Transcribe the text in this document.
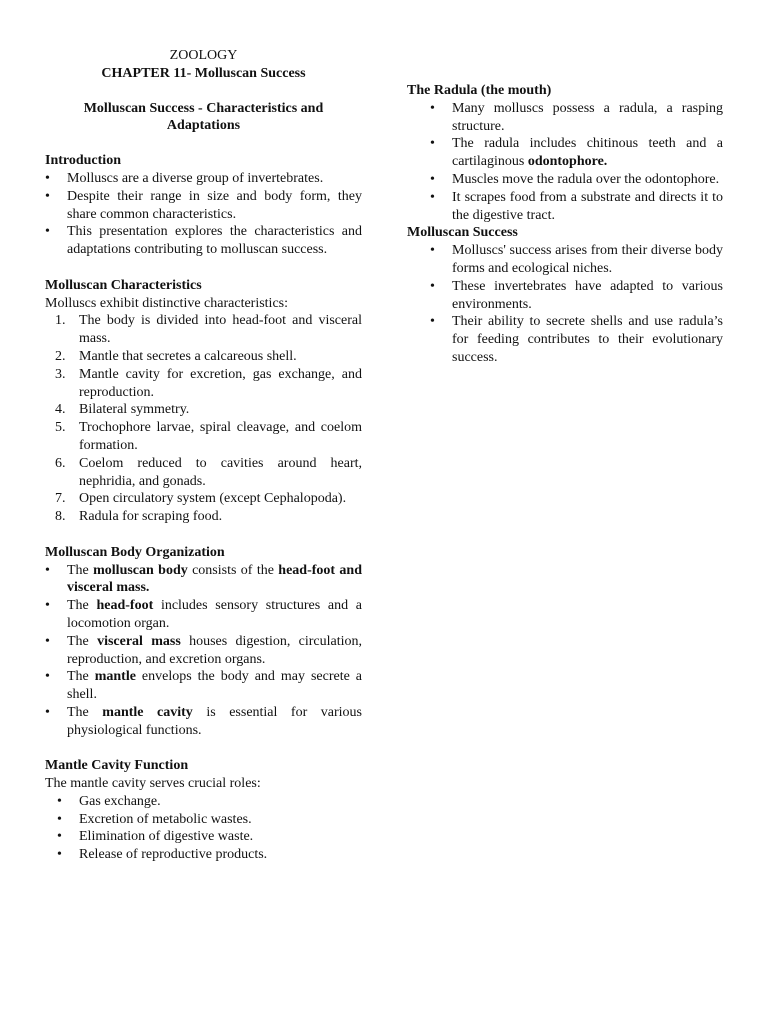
ZOOLOGY

CHAPTER 11- Molluscan Success

Molluscan Success - Characteristics and Adaptations

Introduction
• Molluscs are a diverse group of invertebrates.
• Despite their range in size and body form, they share common characteristics.
• This presentation explores the characteristics and adaptations contributing to molluscan success.
Molluscan Characteristics

Molluscs exhibit distinctive characteristics:

1. The body is divided into head-foot and visceral mass.
2. Mantle that secretes a calcareous shell.
3. Mantle cavity for excretion, gas exchange, and reproduction.
4. Bilateral symmetry.
5. Trochophore larvae, spiral cleavage, and coelom formation.
6. Coelom reduced to cavities around heart, nephridia, and gonads.
7. Open circulatory system (except Cephalopoda).
8. Radula for scraping food.
Molluscan Body Organization
• The molluscan body consists of the head-foot and visceral mass.
• The head-foot includes sensory structures and a locomotion organ.
• The visceral mass houses digestion, circulation, reproduction, and excretion organs.
• The mantle envelops the body and may secrete a shell.
• The mantle cavity is essential for various physiological functions.
Mantle Cavity Function

The mantle cavity serves crucial roles:

• Gas exchange.
• Excretion of metabolic wastes.
• Elimination of digestive waste.
• Release of reproductive products.
The Radula (the mouth)
• Many molluscs possess a radula, a rasping structure.
• The radula includes chitinous teeth and a cartilaginous odontophore.
• Muscles move the radula over the odontophore.
• It scrapes food from a substrate and directs it to the digestive tract.
Molluscan Success
• Molluscs' success arises from their diverse body forms and ecological niches.
• These invertebrates have adapted to various environments.
• Their ability to secrete shells and use radula’s for feeding contributes to their evolutionary success.
